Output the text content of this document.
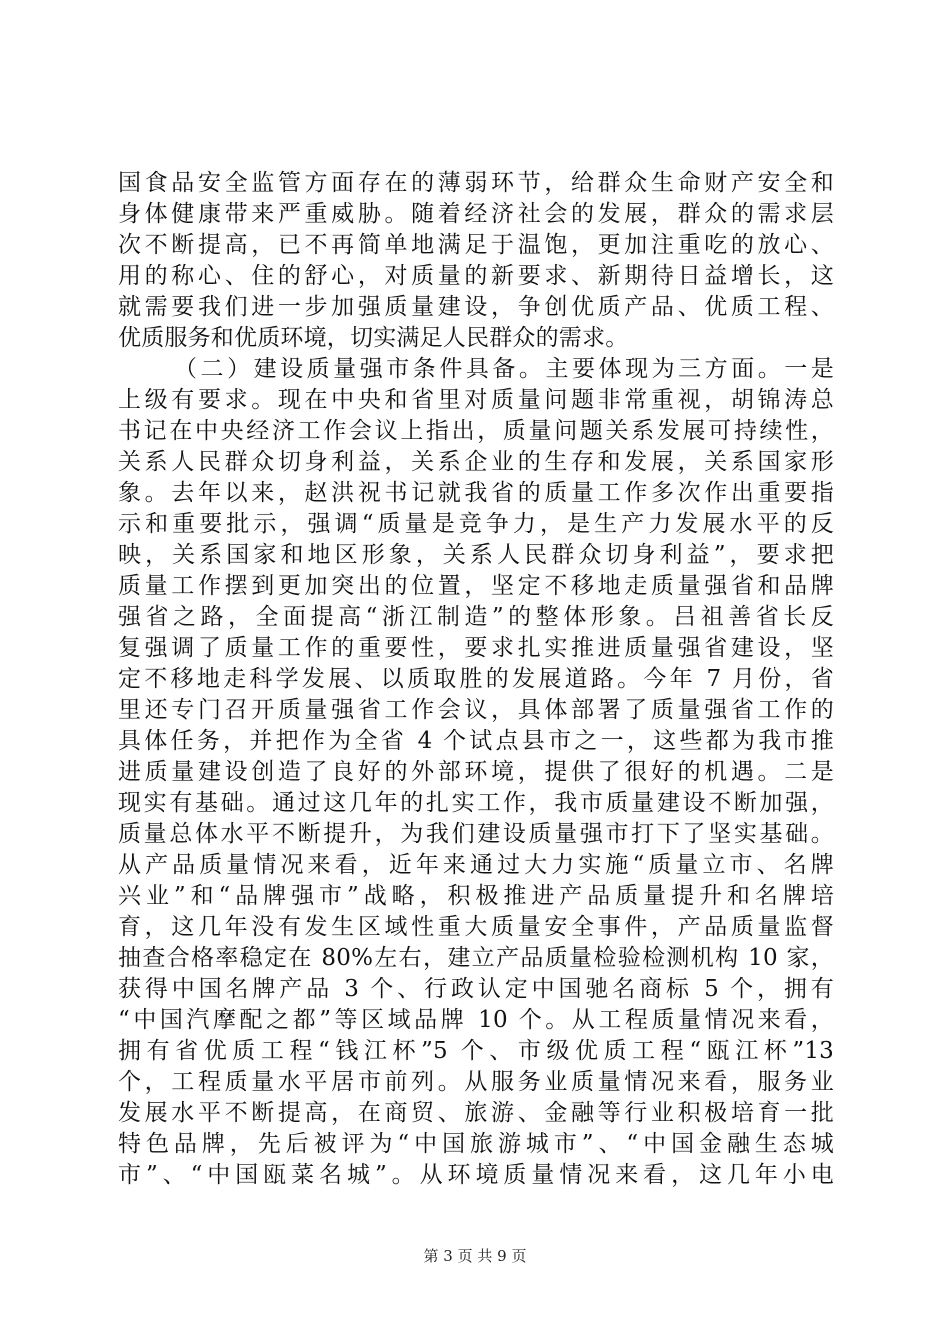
国食品安全监管方面存在的薄弱环节，给群众生命财产安全和
身体健康带来严重威胁。随着经济社会的发展，群众的需求层
次不断提高，已不再简单地满足于温饱，更加注重吃的放心、
用的称心、住的舒心，对质量的新要求、新期待日益增长，这
就需要我们进一步加强质量建设，争创优质产品、优质工程、
优质服务和优质环境，切实满足人民群众的需求。
（二）建设质量强市条件具备。主要体现为三方面。一是
上级有要求。现在中央和省里对质量问题非常重视，胡锦涛总
书记在中央经济工作会议上指出，质量问题关系发展可持续性，
关系人民群众切身利益，关系企业的生存和发展，关系国家形
象。去年以来，赵洪祝书记就我省的质量工作多次作出重要指
示和重要批示，强调“质量是竞争力，是生产力发展水平的反
映，关系国家和地区形象，关系人民群众切身利益”，要求把
质量工作摆到更加突出的位置，坚定不移地走质量强省和品牌
强省之路，全面提高“浙江制造”的整体形象。吕祖善省长反
复强调了质量工作的重要性，要求扎实推进质量强省建设，坚
定不移地走科学发展、以质取胜的发展道路。今年 7 月份，省
里还专门召开质量强省工作会议，具体部署了质量强省工作的
具体任务，并把作为全省 4 个试点县市之一，这些都为我市推
进质量建设创造了良好的外部环境，提供了很好的机遇。二是
现实有基础。通过这几年的扎实工作，我市质量建设不断加强，
质量总体水平不断提升，为我们建设质量强市打下了坚实基础。
从产品质量情况来看，近年来通过大力实施“质量立市、名牌
兴业”和“品牌强市”战略，积极推进产品质量提升和名牌培
育，这几年没有发生区域性重大质量安全事件，产品质量监督
抽查合格率稳定在 80%左右，建立产品质量检验检测机构 10 家，
获得中国名牌产品 3 个、行政认定中国驰名商标 5 个，拥有
“中国汽摩配之都”等区域品牌 10 个。从工程质量情况来看，
拥有省优质工程“钱江杯”5 个、市级优质工程“瓯江杯”13
个，工程质量水平居市前列。从服务业质量情况来看，服务业
发展水平不断提高，在商贸、旅游、金融等行业积极培育一批
特色品牌，先后被评为“中国旅游城市”、“中国金融生态城
市”、“中国瓯菜名城”。从环境质量情况来看，这几年小电
第 3 页 共 9 页
